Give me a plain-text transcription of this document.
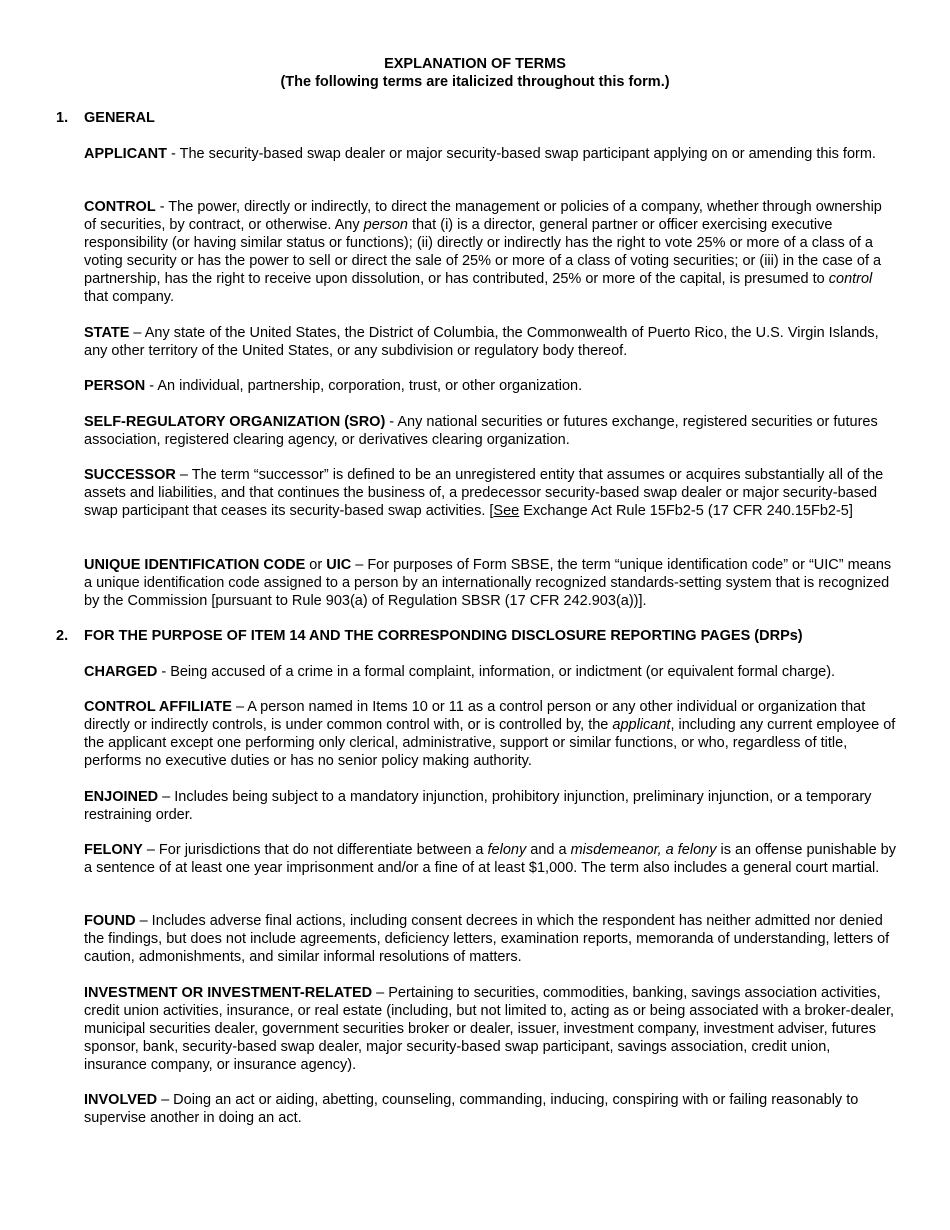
EXPLANATION OF TERMS
(The following terms are italicized throughout this form.)
1. GENERAL

APPLICANT - The security-based swap dealer or major security-based swap participant applying on or amending this form.

CONTROL - The power, directly or indirectly, to direct the management or policies of a company, whether through ownership of securities, by contract, or otherwise. Any person that (i) is a director, general partner or officer exercising executive responsibility (or having similar status or functions); (ii) directly or indirectly has the right to vote 25% or more of a class of a voting security or has the power to sell or direct the sale of 25% or more of a class of voting securities; or (iii) in the case of a partnership, has the right to receive upon dissolution, or has contributed, 25% or more of the capital, is presumed to control that company.

STATE – Any state of the United States, the District of Columbia, the Commonwealth of Puerto Rico, the U.S. Virgin Islands, any other territory of the United States, or any subdivision or regulatory body thereof.

PERSON - An individual, partnership, corporation, trust, or other organization.

SELF-REGULATORY ORGANIZATION (SRO) - Any national securities or futures exchange, registered securities or futures association, registered clearing agency, or derivatives clearing organization.

SUCCESSOR – The term “successor” is defined to be an unregistered entity that assumes or acquires substantially all of the assets and liabilities, and that continues the business of, a predecessor security-based swap dealer or major security-based swap participant that ceases its security-based swap activities. [See Exchange Act Rule 15Fb2-5 (17 CFR 240.15Fb2-5]

UNIQUE IDENTIFICATION CODE or UIC – For purposes of Form SBSE, the term “unique identification code” or “UIC” means a unique identification code assigned to a person by an internationally recognized standards-setting system that is recognized by the Commission [pursuant to Rule 903(a) of Regulation SBSR (17 CFR 242.903(a))].

2. FOR THE PURPOSE OF ITEM 14 AND THE CORRESPONDING DISCLOSURE REPORTING PAGES (DRPs)

CHARGED - Being accused of a crime in a formal complaint, information, or indictment (or equivalent formal charge).

CONTROL AFFILIATE – A person named in Items 10 or 11 as a control person or any other individual or organization that directly or indirectly controls, is under common control with, or is controlled by, the applicant, including any current employee of the applicant except one performing only clerical, administrative, support or similar functions, or who, regardless of title, performs no executive duties or has no senior policy making authority.

ENJOINED – Includes being subject to a mandatory injunction, prohibitory injunction, preliminary injunction, or a temporary restraining order.

FELONY – For jurisdictions that do not differentiate between a felony and a misdemeanor, a felony is an offense punishable by a sentence of at least one year imprisonment and/or a fine of at least $1,000. The term also includes a general court martial.

FOUND – Includes adverse final actions, including consent decrees in which the respondent has neither admitted nor denied the findings, but does not include agreements, deficiency letters, examination reports, memoranda of understanding, letters of caution, admonishments, and similar informal resolutions of matters.

INVESTMENT OR INVESTMENT-RELATED – Pertaining to securities, commodities, banking, savings association activities, credit union activities, insurance, or real estate (including, but not limited to, acting as or being associated with a broker-dealer, municipal securities dealer, government securities broker or dealer, issuer, investment company, investment adviser, futures sponsor, bank, security-based swap dealer, major security-based swap participant, savings association, credit union, insurance company, or insurance agency).

INVOLVED – Doing an act or aiding, abetting, counseling, commanding, inducing, conspiring with or failing reasonably to supervise another in doing an act.
